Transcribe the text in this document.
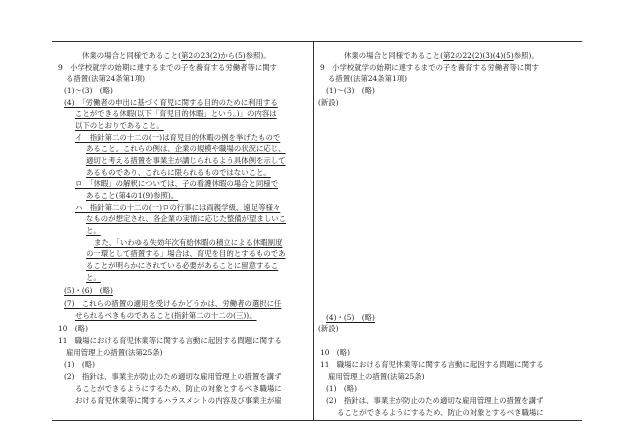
休業の場合と同様であること(第2の23(2)から(5)参照)。
9　小学校就学の始期に達するまでの子を養育する労働者等に関す
る措置(法第24条第1項)
(1)～(3)　(略)
(4)　「労働者の申出に基づく育児に関する目的のために利用する
ことができる休暇(以下「育児目的休暇」という。)」の内容は
以下のとおりであること。
イ　指針第二の十二の(一)は育児目的休暇の例を挙げたもので
あること。これらの例は、企業の規模や職場の状況に応じ、
適切と考える措置を事業主が講じられるよう具体例を示して
あるものであり、これらに限られるものではないこと。
ロ　「休暇」の解釈については、子の看護休暇の場合と同様で
あること(第4の1(9)参照)。
ハ　指針第二の十二の(一)ロの行事には両親学級、遠足等様々
なものが想定され、各企業の実情に応じた整備が望ましいこ
と。
また、「いわゆる失効年次有給休暇の積立による休暇制度
の一環として措置する」場合は、育児を目的とするものであ
ることが明らかにされている必要があることに留意するこ
と。
(5)・(6)　(略)
(7)　これらの措置の適用を受けるかどうかは、労働者の選択に任
せられるべきものであること(指針第二の十二の(三))。
10　(略)
11　職場における育児休業等に関する言動に起因する問題に関する
雇用管理上の措置(法第25条)
(1)　(略)
(2)　指針は、事業主が防止のため適切な雇用管理上の措置を講ず
ることができるようにするため、防止の対象とするべき職場に
おける育児休業等に関するハラスメントの内容及び事業主が雇
休業の場合と同様であること(第2の22(2)(3)(4)(5)参照)。
9　小学校就学の始期に達するまでの子を養育する労働者等に関す
る措置(法第24条第1項)
(1)～(3)　(略)
(新設)
(4)・(5)　(略)
(新設)
10　(略)
11　職場における育児休業等に関する言動に起因する問題に関する
雇用管理上の措置(法第25条)
(1)　(略)
(2)　指針は、事業主が防止のため適切な雇用管理上の措置を講ず
ることができるようにするため、防止の対象とするべき職場に
